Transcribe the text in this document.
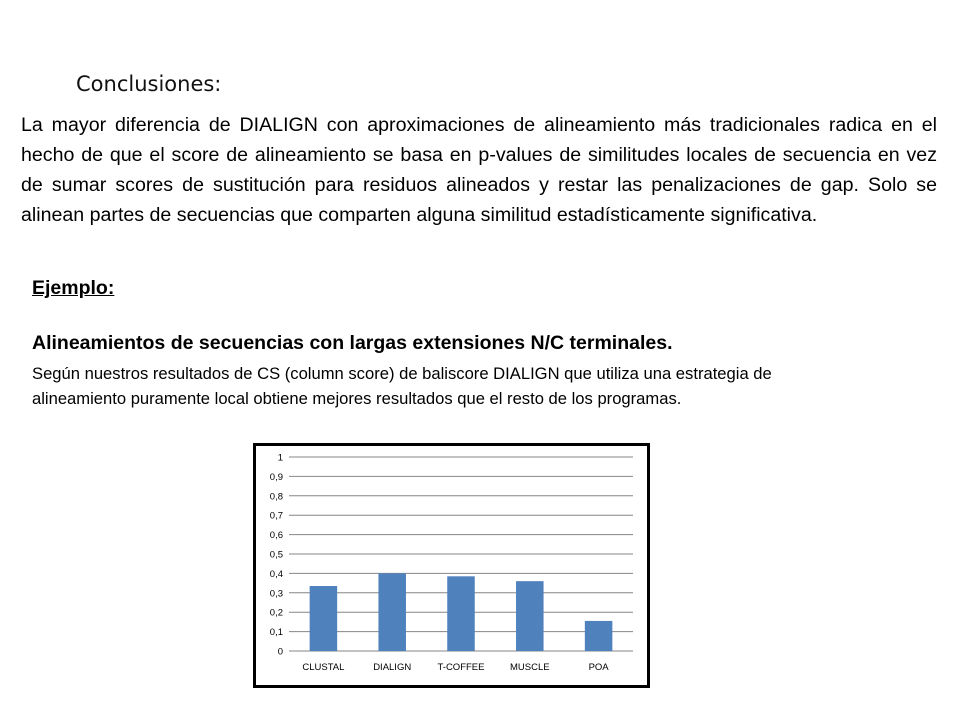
Conclusiones:
La mayor diferencia de DIALIGN con aproximaciones de alineamiento más tradicionales radica en el hecho de que el score de alineamiento se basa en p-values de similitudes locales de secuencia en vez de sumar scores de sustitución para residuos alineados y restar las penalizaciones de gap. Solo se alinean partes de secuencias que comparten alguna similitud estadísticamente significativa.
Ejemplo:
Alineamientos de secuencias con largas extensiones N/C terminales.
Según nuestros resultados de CS (column score) de baliscore DIALIGN que utiliza una estrategia de alineamiento puramente local obtiene mejores resultados que el resto de los programas.
0
0,1
0,2
0,3
0,4
0,5
0,6
0,7
0,8
0,9
1
CLUSTAL	DIALIGN	T-COFFEE	MUSCLE	POA
